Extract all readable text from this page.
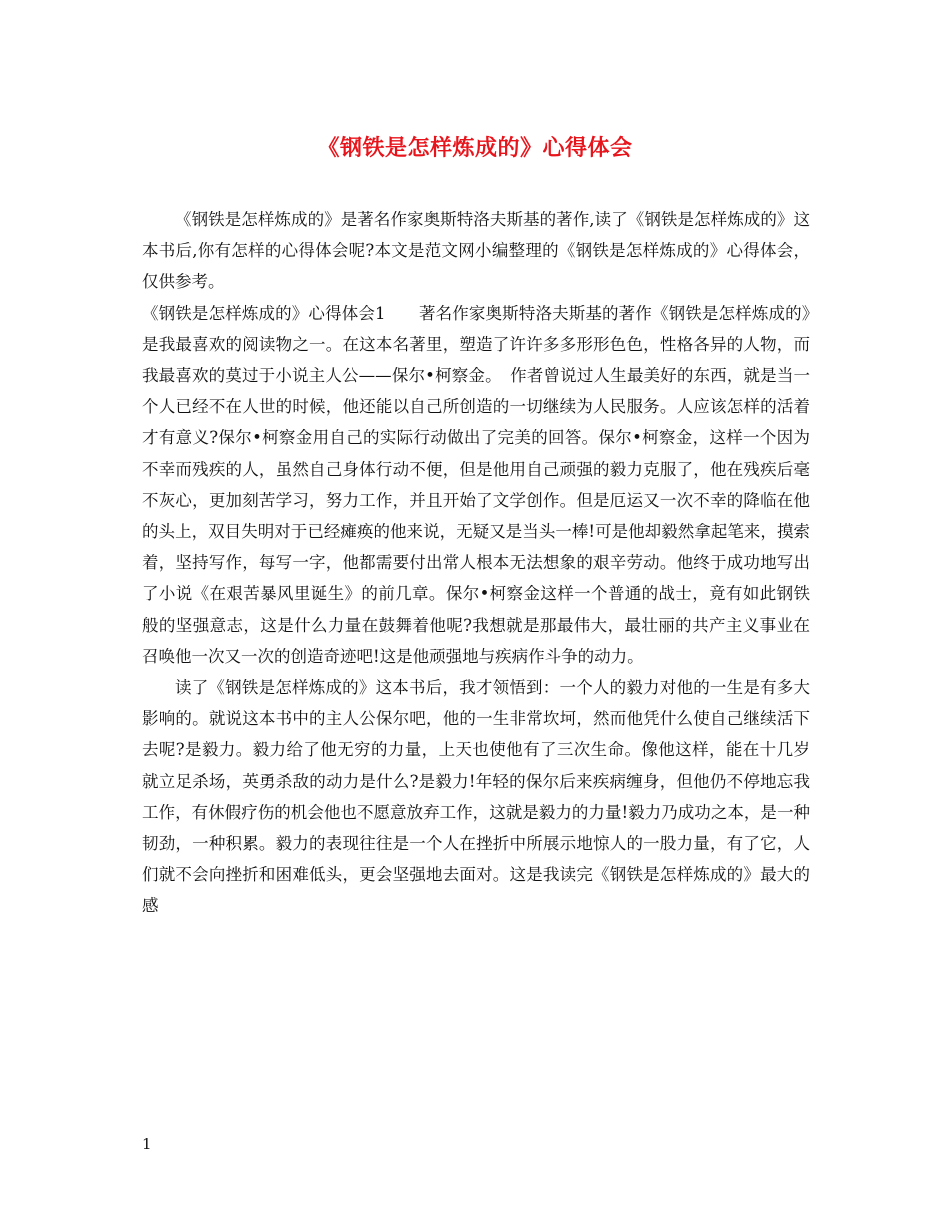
《钢铁是怎样炼成的》心得体会

《钢铁是怎样炼成的》是著名作家奥斯特洛夫斯基的著作,读了《钢铁是怎样炼成的》这本书后,你有怎样的心得体会呢?本文是范文网小编整理的《钢铁是怎样炼成的》心得体会，仅供参考。

《钢铁是怎样炼成的》心得体会1　　著名作家奥斯特洛夫斯基的著作《钢铁是怎样炼成的》是我最喜欢的阅读物之一。在这本名著里，塑造了许许多多形形色色，性格各异的人物，而我最喜欢的莫过于小说主人公——保尔•柯察金。　作者曾说过人生最美好的东西，就是当一个人已经不在人世的时候，他还能以自己所创造的一切继续为人民服务。人应该怎样的活着才有意义?保尔•柯察金用自己的实际行动做出了完美的回答。保尔•柯察金，这样一个因为不幸而残疾的人，虽然自己身体行动不便，但是他用自己顽强的毅力克服了，他在残疾后毫不灰心，更加刻苦学习，努力工作，并且开始了文学创作。但是厄运又一次不幸的降临在他的头上，双目失明对于已经瘫痪的他来说，无疑又是当头一棒!可是他却毅然拿起笔来，摸索着，坚持写作，每写一字，他都需要付出常人根本无法想象的艰辛劳动。他终于成功地写出了小说《在艰苦暴风里诞生》的前几章。保尔•柯察金这样一个普通的战士，竟有如此钢铁般的坚强意志，这是什么力量在鼓舞着他呢?我想就是那最伟大，最壮丽的共产主义事业在召唤他一次又一次的创造奇迹吧!这是他顽强地与疾病作斗争的动力。

读了《钢铁是怎样炼成的》这本书后，我才领悟到：一个人的毅力对他的一生是有多大影响的。就说这本书中的主人公保尔吧，他的一生非常坎坷，然而他凭什么使自己继续活下去呢?是毅力。毅力给了他无穷的力量，上天也使他有了三次生命。像他这样，能在十几岁就立足杀场，英勇杀敌的动力是什么?是毅力!年轻的保尔后来疾病缠身，但他仍不停地忘我工作，有休假疗伤的机会他也不愿意放弃工作，这就是毅力的力量!毅力乃成功之本，是一种韧劲，一种积累。毅力的表现往往是一个人在挫折中所展示地惊人的一股力量，有了它，人们就不会向挫折和困难低头，更会坚强地去面对。这是我读完《钢铁是怎样炼成的》最大的感

1
